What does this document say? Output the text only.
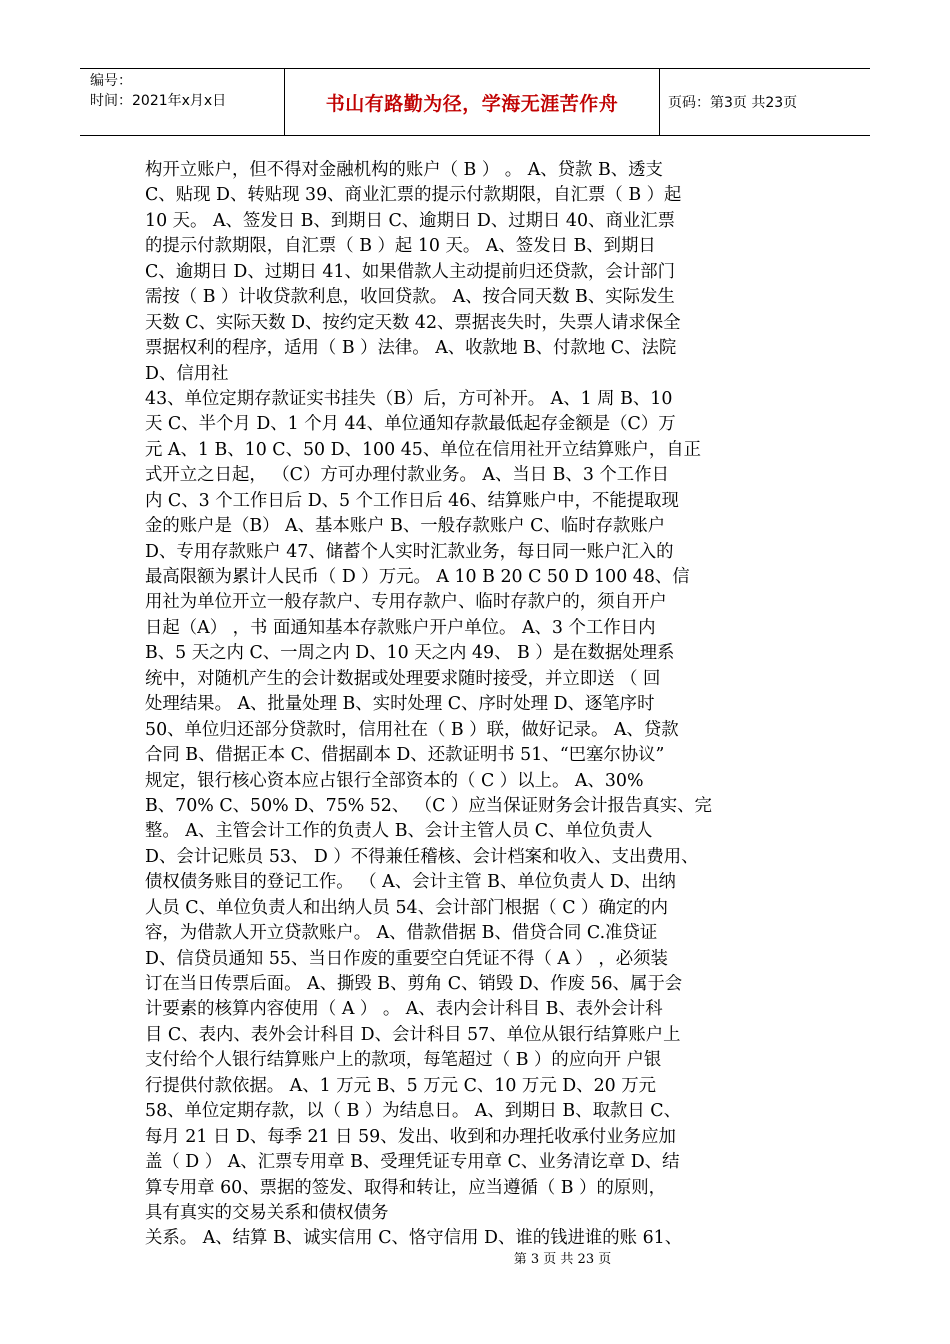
编号：
时间：2021年x月x日	书山有路勤为径，学海无涯苦作舟	页码：第3页 共23页
构开立账户，但不得对金融机构的账户（ B ） 。 A、贷款 B、透支
C、贴现 D、转贴现 39、商业汇票的提示付款期限，自汇票（ B ）起
10 天。 A、签发日 B、到期日 C、逾期日 D、过期日 40、商业汇票
的提示付款期限，自汇票（ B ）起 10 天。 A、签发日 B、到期日
C、逾期日 D、过期日 41、如果借款人主动提前归还贷款，会计部门
需按（ B ）计收贷款利息，收回贷款。 A、按合同天数 B、实际发生
天数 C、实际天数 D、按约定天数 42、票据丧失时，失票人请求保全
票据权利的程序，适用（ B ）法律。 A、收款地 B、付款地 C、法院
D、信用社
43、单位定期存款证实书挂失（B）后，方可补开。 A、1 周 B、10
天 C、半个月 D、1 个月 44、单位通知存款最低起存金额是（C）万
元 A、1 B、10 C、50 D、100 45、单位在信用社开立结算账户，自正
式开立之日起， （C）方可办理付款业务。 A、当日 B、3 个工作日
内 C、3 个工作日后 D、5 个工作日后 46、结算账户中，不能提取现
金的账户是（B） A、基本账户 B、一般存款账户 C、临时存款账户
D、专用存款账户 47、储蓄个人实时汇款业务，每日同一账户汇入的
最高限额为累计人民币（ D ）万元。 A 10 B 20 C 50 D 100 48、信
用社为单位开立一般存款户、专用存款户、临时存款户的，须自开户
日起（A） ，书 面通知基本存款账户开户单位。 A、3 个工作日内
B、5 天之内 C、一周之内 D、10 天之内 49、 B ）是在数据处理系
统中，对随机产生的会计数据或处理要求随时接受，并立即送 （ 回
处理结果。 A、批量处理 B、实时处理 C、序时处理 D、逐笔序时
50、单位归还部分贷款时，信用社在（ B ）联，做好记录。 A、贷款
合同 B、借据正本 C、借据副本 D、还款证明书 51、“巴塞尔协议”
规定，银行核心资本应占银行全部资本的（ C ）以上。 A、30%
B、70% C、50% D、75% 52、 （C ）应当保证财务会计报告真实、完
整。 A、主管会计工作的负责人 B、会计主管人员 C、单位负责人
D、会计记账员 53、 D ）不得兼任稽核、会计档案和收入、支出费用、
债权债务账目的登记工作。 （ A、会计主管 B、单位负责人 D、出纳
人员 C、单位负责人和出纳人员 54、会计部门根据（ C ）确定的内
容，为借款人开立贷款账户。 A、借款借据 B、借贷合同 C.准贷证
D、信贷员通知 55、当日作废的重要空白凭证不得（ A ） ，必须装
订在当日传票后面。 A、撕毁 B、剪角 C、销毁 D、作废 56、属于会
计要素的核算内容使用（ A ） 。 A、表内会计科目 B、表外会计科
目 C、表内、表外会计科目 D、会计科目 57、单位从银行结算账户上
支付给个人银行结算账户上的款项，每笔超过（ B ）的应向开 户银
行提供付款依据。 A、1 万元 B、5 万元 C、10 万元 D、20 万元
58、单位定期存款，以（ B ）为结息日。 A、到期日 B、取款日 C、
每月 21 日 D、每季 21 日 59、发出、收到和办理托收承付业务应加
盖（ D ） A、汇票专用章 B、受理凭证专用章 C、业务清讫章 D、结
算专用章 60、票据的签发、取得和转让，应当遵循（ B ）的原则，
具有真实的交易关系和债权债务
关系。 A、结算 B、诚实信用 C、恪守信用 D、谁的钱进谁的账 61、
第 3 页 共 23 页
